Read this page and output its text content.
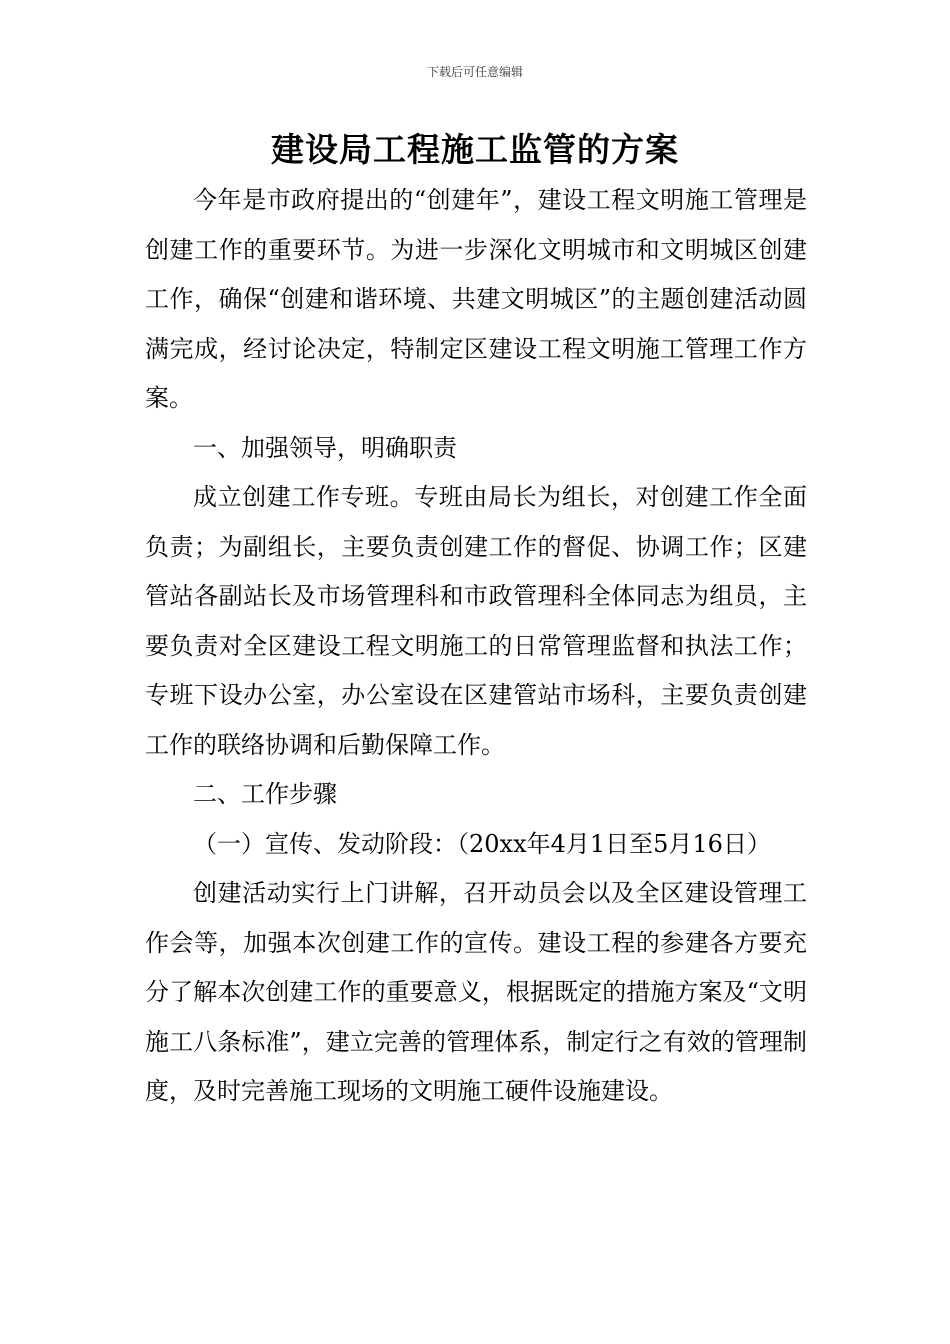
下载后可任意编辑
建设局工程施工监管的方案

今年是市政府提出的“创建年”，建设工程文明施工管理是创建工作的重要环节。为进一步深化文明城市和文明城区创建工作，确保“创建和谐环境、共建文明城区”的主题创建活动圆满完成，经讨论决定，特制定区建设工程文明施工管理工作方案。

一、加强领导，明确职责

成立创建工作专班。专班由局长为组长，对创建工作全面负责；为副组长，主要负责创建工作的督促、协调工作；区建管站各副站长及市场管理科和市政管理科全体同志为组员，主要负责对全区建设工程文明施工的日常管理监督和执法工作；专班下设办公室，办公室设在区建管站市场科，主要负责创建工作的联络协调和后勤保障工作。

二、工作步骤

（一）宣传、发动阶段：（20xx年4月1日至5月16日）

创建活动实行上门讲解，召开动员会以及全区建设管理工作会等，加强本次创建工作的宣传。建设工程的参建各方要充分了解本次创建工作的重要意义，根据既定的措施方案及“文明施工八条标准”，建立完善的管理体系，制定行之有效的管理制度，及时完善施工现场的文明施工硬件设施建设。
